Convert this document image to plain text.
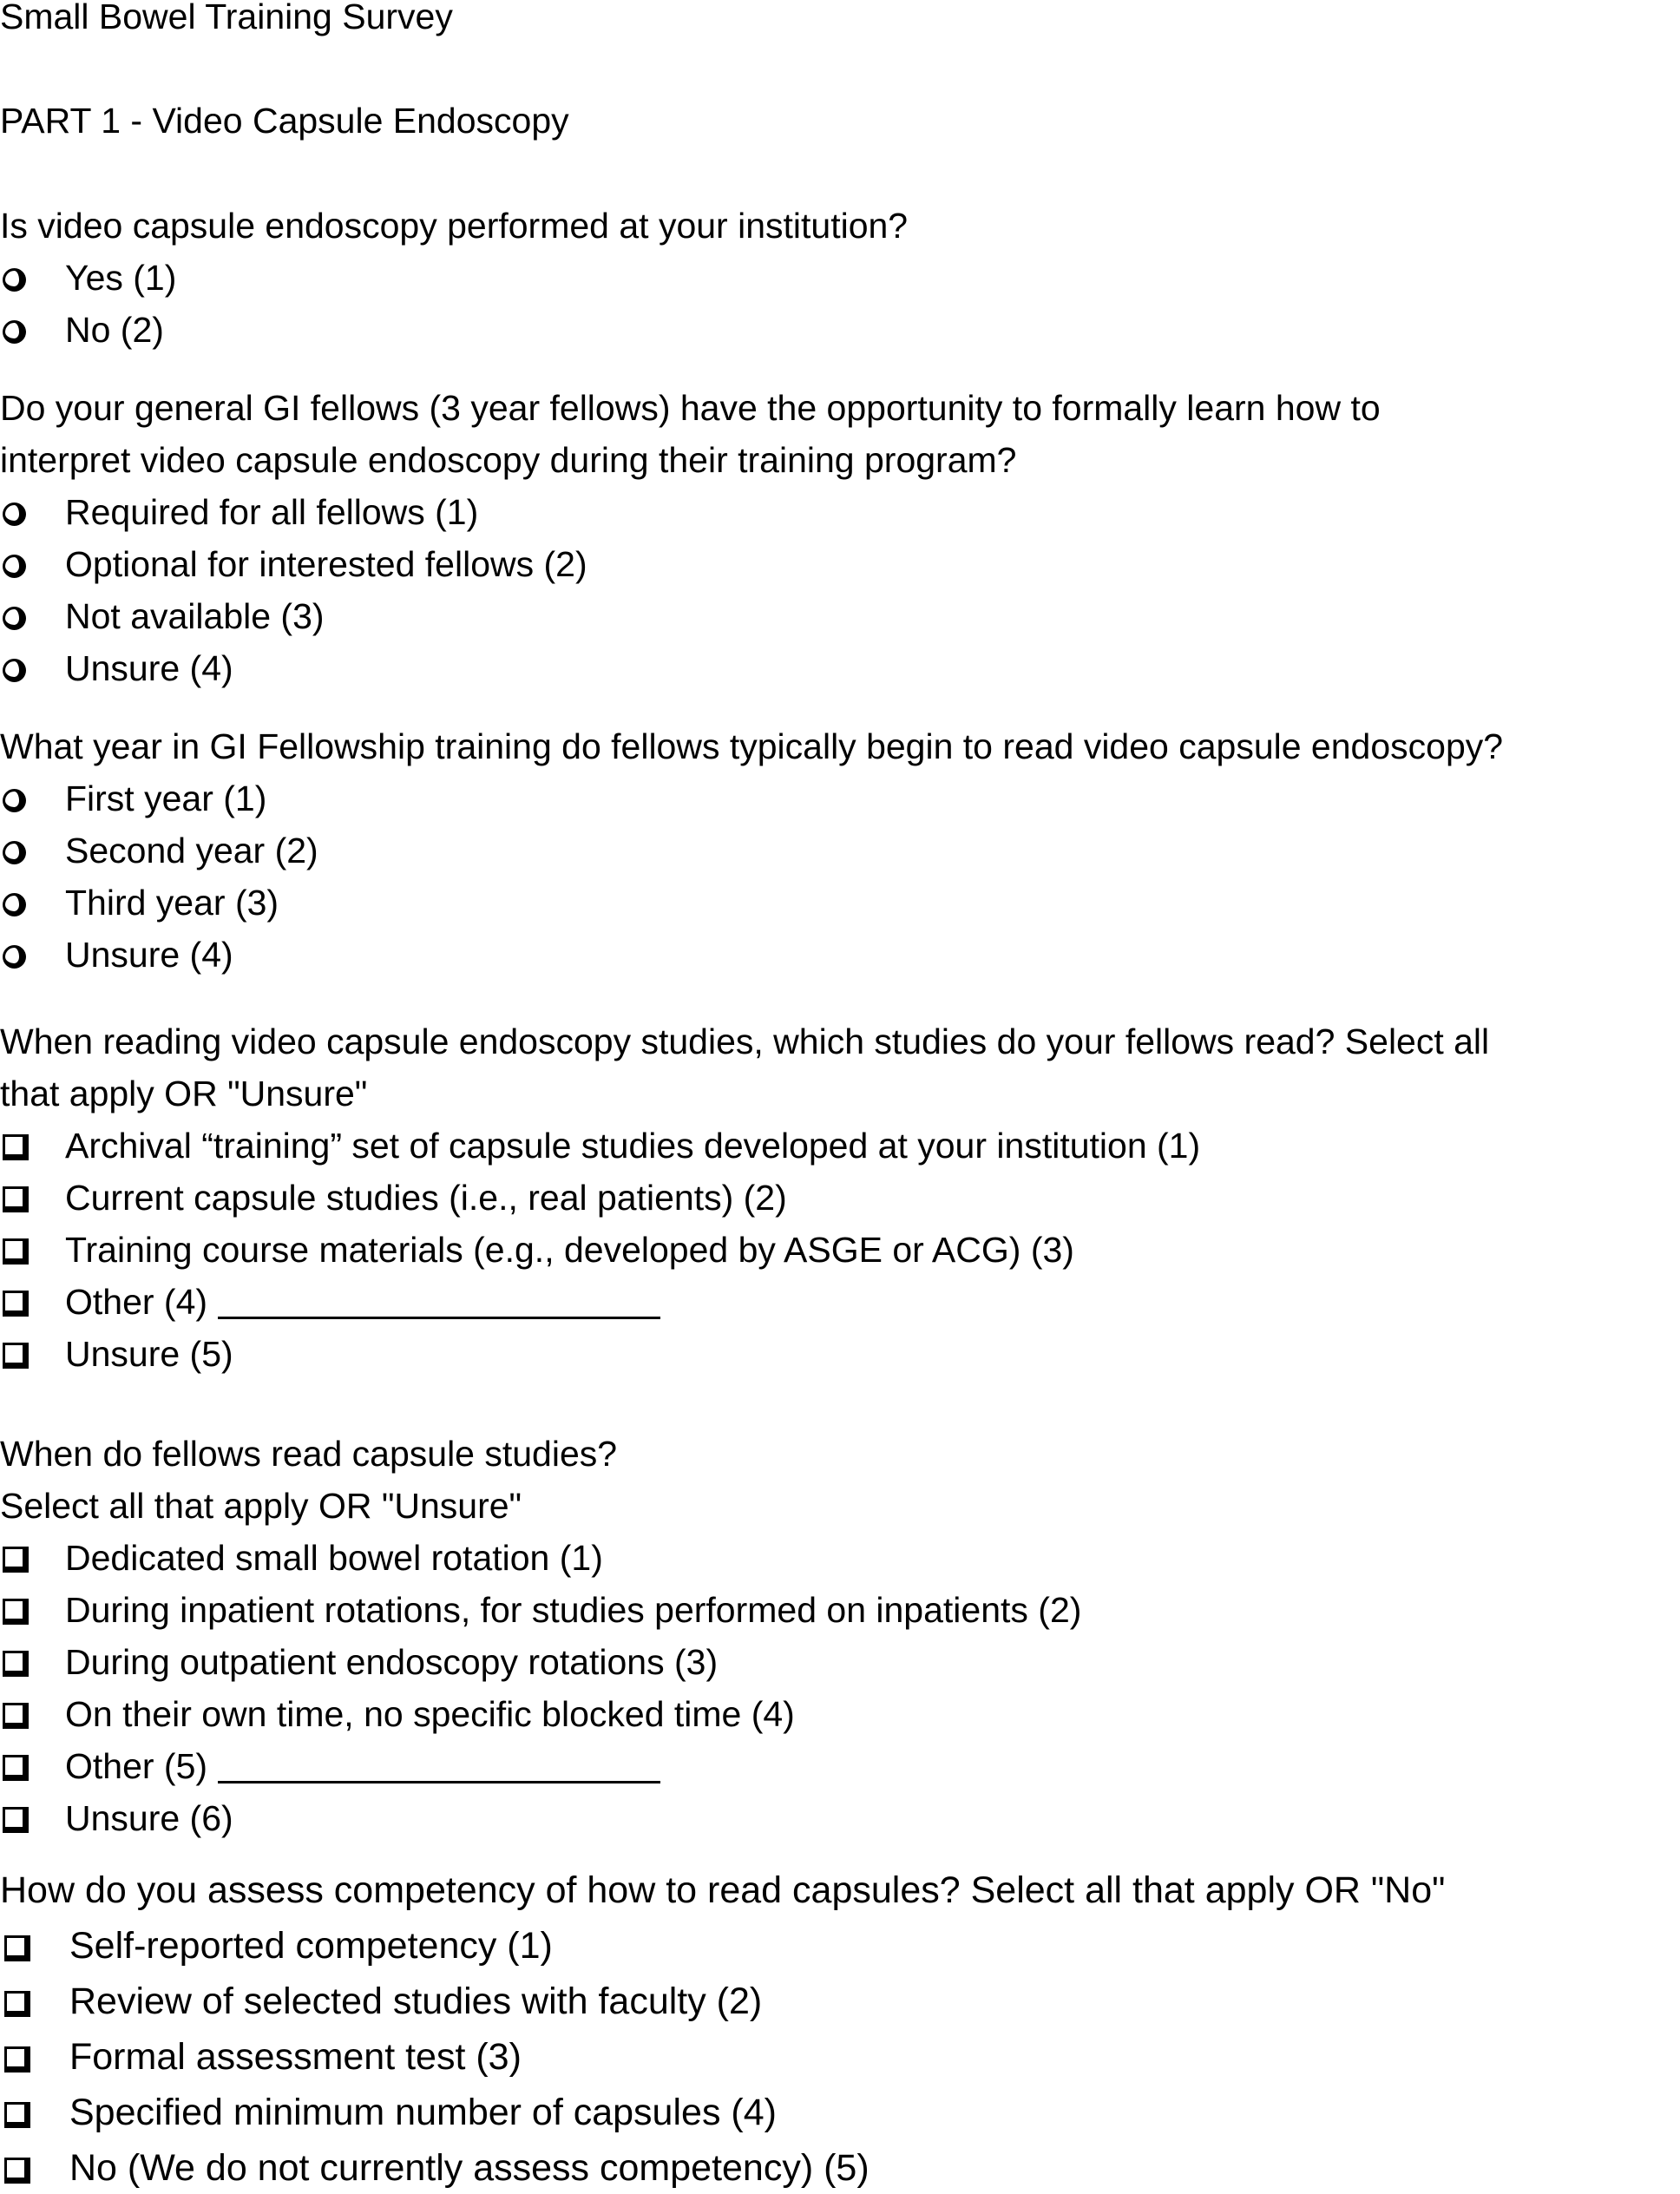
Small Bowel Training Survey
PART 1 - Video Capsule Endoscopy
Is video capsule endoscopy performed at your institution?
Yes (1)
No (2)
Do your general GI fellows (3 year fellows) have the opportunity to formally learn how to
interpret video capsule endoscopy during their training program?
Required for all fellows (1)
Optional for interested fellows (2)
Not available (3)
Unsure (4)
What year in GI Fellowship training do fellows typically begin to read video capsule endoscopy?
First year (1)
Second year (2)
Third year (3)
Unsure (4)
When reading video capsule endoscopy studies, which studies do your fellows read? Select all
that apply OR "Unsure"
Archival “training” set of capsule studies developed at your institution (1)
Current capsule studies (i.e., real patients) (2)
Training course materials (e.g., developed by ASGE or ACG) (3)
Other (4)
Unsure (5)
When do fellows read capsule studies?
Select all that apply OR "Unsure"
Dedicated small bowel rotation (1)
During inpatient rotations, for studies performed on inpatients (2)
During outpatient endoscopy rotations (3)
On their own time, no specific blocked time (4)
Other (5)
Unsure (6)
How do you assess competency of how to read capsules? Select all that apply OR "No"
Self-reported competency (1)
Review of selected studies with faculty (2)
Formal assessment test (3)
Specified minimum number of capsules (4)
No (We do not currently assess competency) (5)
